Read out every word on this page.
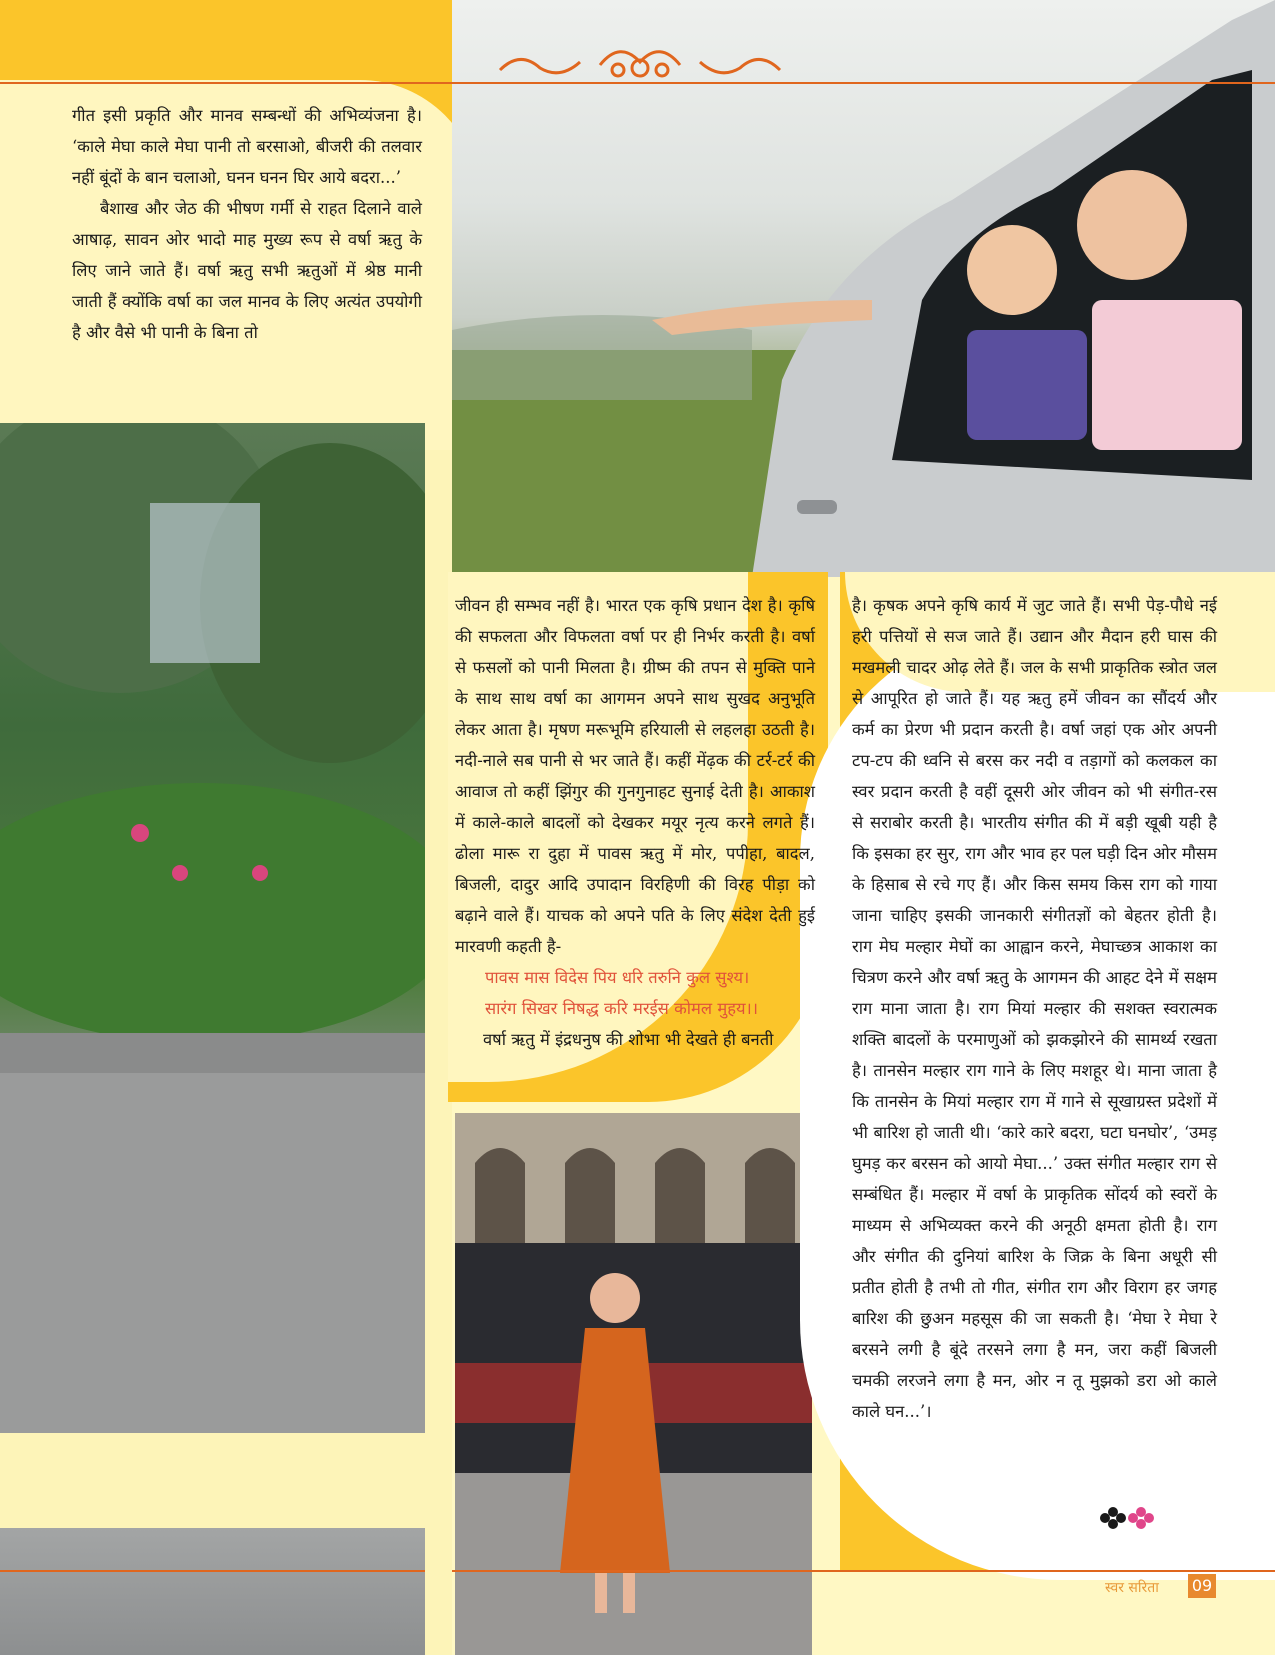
गीत इसी प्रकृति और मानव सम्बन्धों की अभिव्यंजना है। ‘काले मेघा काले मेघा पानी तो बरसाओ, बीजरी की तलवार नहीं बूंदों के बान चलाओ, घनन घनन घिर आये बदरा...’

बैशाख और जेठ की भीषण गर्मी से राहत दिलाने वाले आषाढ़, सावन ओर भादो माह मुख्य रूप से वर्षा ऋतु के लिए जाने जाते हैं। वर्षा ऋतु सभी ऋतुओं में श्रेष्ठ मानी जाती हैं क्योंकि वर्षा का जल मानव के लिए अत्यंत उपयोगी है और वैसे भी पानी के बिना तो

जीवन ही सम्भव नहीं है। भारत एक कृषि प्रधान देश है। कृषि की सफलता और विफलता वर्षा पर ही निर्भर करती है। वर्षा से फसलों को पानी मिलता है। ग्रीष्म की तपन से मुक्ति पाने के साथ साथ वर्षा का आगमन अपने साथ सुखद अनुभूति लेकर आता है। मृषण मरूभूमि हरियाली से लहलहा उठती है। नदी-नाले सब पानी से भर जाते हैं। कहीं मेंढ़क की टर्र-टर्र की आवाज तो कहीं झिंगुर की गुनगुनाहट सुनाई देती है। आकाश में काले-काले बादलों को देखकर मयूर नृत्य करने लगते हैं। ढोला मारू रा दुहा में पावस ऋतु में मोर, पपीहा, बादल, बिजली, दादुर आदि उपादान विरहिणी की विरह पीड़ा को बढ़ाने वाले हैं। याचक को अपने पति के लिए संदेश देती हुई मारवणी कहती है-

पावस मास विदेस पिय धरि तरुनि कुल सुश्य।

सारंग सिखर निषद्ध करि मरईस कोमल मुहय।।

वर्षा ऋतु में इंद्रधनुष की शोभा भी देखते ही बनती

है। कृषक अपने कृषि कार्य में जुट जाते हैं। सभी पेड़-पौधे नई हरी पत्तियों से सज जाते हैं। उद्यान और मैदान हरी घास की मखमली चादर ओढ़ लेते हैं। जल के सभी प्राकृतिक स्त्रोत जल से आपूरित हो जाते हैं। यह ऋतु हमें जीवन का सौंदर्य और कर्म का प्रेरण भी प्रदान करती है। वर्षा जहां एक ओर अपनी टप-टप की ध्वनि से बरस कर नदी व तड़ागों को कलकल का स्वर प्रदान करती है वहीं दूसरी ओर जीवन को भी संगीत-रस से सराबोर करती है। भारतीय संगीत की में बड़ी खूबी यही है कि इसका हर सुर, राग और भाव हर पल घड़ी दिन ओर मौसम के हिसाब से रचे गए हैं। और किस समय किस राग को गाया जाना चाहिए इसकी जानकारी संगीतज्ञों को बेहतर होती है। राग मेघ मल्हार मेघों का आह्वान करने, मेघाच्छत्र आकाश का चित्रण करने और वर्षा ऋतु के आगमन की आहट देने में सक्षम राग माना जाता है। राग मियां मल्हार की सशक्त स्वरात्मक शक्ति बादलों के परमाणुओं को झकझोरने की सामर्थ्य रखता है। तानसेन मल्हार राग गाने के लिए मशहूर थे। माना जाता है कि तानसेन के मियां मल्हार राग में गाने से सूखाग्रस्त प्रदेशों में भी बारिश हो जाती थी। ‘कारे कारे बदरा, घटा घनघोर’, ‘उमड़ घुमड़ कर बरसन को आयो मेघा...’ उक्त संगीत मल्हार राग से सम्बंधित हैं। मल्हार में वर्षा के प्राकृतिक सोंदर्य को स्वरों के माध्यम से अभिव्यक्त करने की अनूठी क्षमता होती है। राग और संगीत की दुनियां बारिश के जिक्र के बिना अधूरी सी प्रतीत होती है तभी तो गीत, संगीत राग और विराग हर जगह बारिश की छुअन महसूस की जा सकती है। ‘मेघा रे मेघा रे बरसने लगी है बूंदे तरसने लगा है मन, जरा कहीं बिजली चमकी लरजने लगा है मन, ओर न तू मुझको डरा ओ काले काले घन...’।

स्वर सरिता 09
